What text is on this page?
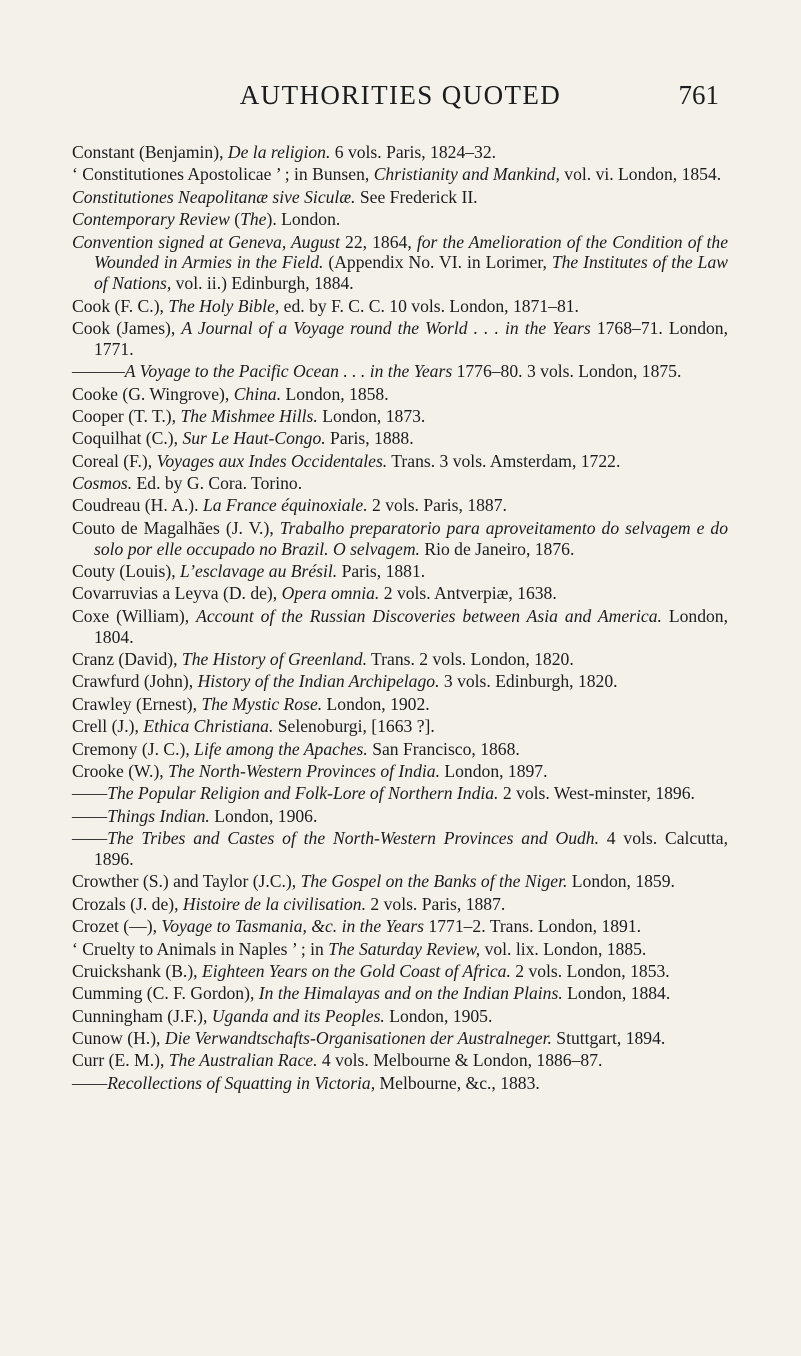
AUTHORITIES QUOTED	761
Constant (Benjamin), De la religion. 6 vols. Paris, 1824–32.
‘ Constitutiones Apostolicae ’ ; in Bunsen, Christianity and Mankind, vol. vi. London, 1854.
Constitutiones Neapolitanæ sive Siculæ. See Frederick II.
Contemporary Review (The). London.
Convention signed at Geneva, August 22, 1864, for the Amelioration of the Condition of the Wounded in Armies in the Field. (Appendix No. VI. in Lorimer, The Institutes of the Law of Nations, vol. ii.) Edinburgh, 1884.
Cook (F. C.), The Holy Bible, ed. by F. C. C. 10 vols. London, 1871–81.
Cook (James), A Journal of a Voyage round the World . . . in the Years 1768–71. London, 1771.
———A Voyage to the Pacific Ocean . . . in the Years 1776–80. 3 vols. London, 1875.
Cooke (G. Wingrove), China. London, 1858.
Cooper (T. T.), The Mishmee Hills. London, 1873.
Coquilhat (C.), Sur Le Haut-Congo. Paris, 1888.
Coreal (F.), Voyages aux Indes Occidentales. Trans. 3 vols. Amsterdam, 1722.
Cosmos. Ed. by G. Cora. Torino.
Coudreau (H. A.). La France équinoxiale. 2 vols. Paris, 1887.
Couto de Magalhães (J. V.), Trabalho preparatorio para aproveitamento do selvagem e do solo por elle occupado no Brazil. O selvagem. Rio de Janeiro, 1876.
Couty (Louis), L’esclavage au Brésil. Paris, 1881.
Covarruvias a Leyva (D. de), Opera omnia. 2 vols. Antverpiæ, 1638.
Coxe (William), Account of the Russian Discoveries between Asia and America. London, 1804.
Cranz (David), The History of Greenland. Trans. 2 vols. London, 1820.
Crawfurd (John), History of the Indian Archipelago. 3 vols. Edinburgh, 1820.
Crawley (Ernest), The Mystic Rose. London, 1902.
Crell (J.), Ethica Christiana. Selenoburgi, [1663 ?].
Cremony (J. C.), Life among the Apaches. San Francisco, 1868.
Crooke (W.), The North-Western Provinces of India. London, 1897.
——The Popular Religion and Folk-Lore of Northern India. 2 vols. West-minster, 1896.
——Things Indian. London, 1906.
——The Tribes and Castes of the North-Western Provinces and Oudh. 4 vols. Calcutta, 1896.
Crowther (S.) and Taylor (J.C.), The Gospel on the Banks of the Niger. London, 1859.
Crozals (J. de), Histoire de la civilisation. 2 vols. Paris, 1887.
Crozet (—), Voyage to Tasmania, &c. in the Years 1771–2. Trans. London, 1891.
‘ Cruelty to Animals in Naples ’ ; in The Saturday Review, vol. lix. London, 1885.
Cruickshank (B.), Eighteen Years on the Gold Coast of Africa. 2 vols. London, 1853.
Cumming (C. F. Gordon), In the Himalayas and on the Indian Plains. London, 1884.
Cunningham (J.F.), Uganda and its Peoples. London, 1905.
Cunow (H.), Die Verwandtschafts-Organisationen der Australneger. Stuttgart, 1894.
Curr (E. M.), The Australian Race. 4 vols. Melbourne & London, 1886–87.
——Recollections of Squatting in Victoria, Melbourne, &c., 1883.
